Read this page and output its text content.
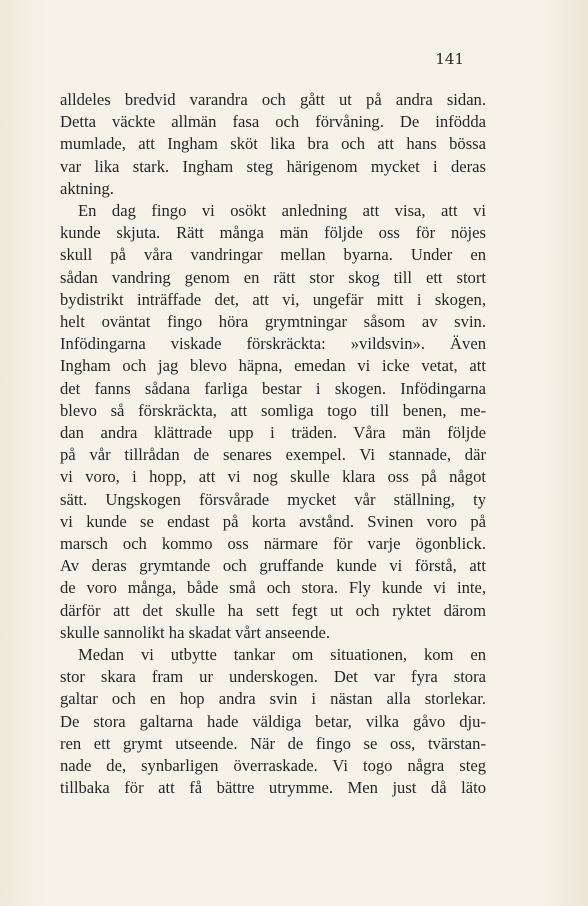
141
alldeles bredvid varandra och gått ut på andra sidan.
Detta väckte allmän fasa och förvåning. De infödda
mumlade, att Ingham sköt lika bra och att hans bössa
var lika stark. Ingham steg härigenom mycket i deras
aktning.
En dag fingo vi osökt anledning att visa, att vi
kunde skjuta. Rätt många män följde oss för nöjes
skull på våra vandringar mellan byarna. Under en
sådan vandring genom en rätt stor skog till ett stort
bydistrikt inträffade det, att vi, ungefär mitt i skogen,
helt oväntat fingo höra grymtningar såsom av svin.
Infödingarna viskade förskräckta: »vildsvin». Även
Ingham och jag blevo häpna, emedan vi icke vetat, att
det fanns sådana farliga bestar i skogen. Infödingarna
blevo så förskräckta, att somliga togo till benen, me-
dan andra klättrade upp i träden. Våra män följde
på vår tillrådan de senares exempel. Vi stannade, där
vi voro, i hopp, att vi nog skulle klara oss på något
sätt. Ungskogen försvårade mycket vår ställning, ty
vi kunde se endast på korta avstånd. Svinen voro på
marsch och kommo oss närmare för varje ögonblick.
Av deras grymtande och gruffande kunde vi förstå, att
de voro många, både små och stora. Fly kunde vi inte,
därför att det skulle ha sett fegt ut och ryktet därom
skulle sannolikt ha skadat vårt anseende.
Medan vi utbytte tankar om situationen, kom en
stor skara fram ur underskogen. Det var fyra stora
galtar och en hop andra svin i nästan alla storlekar.
De stora galtarna hade väldiga betar, vilka gåvo dju-
ren ett grymt utseende. När de fingo se oss, tvärstan-
nade de, synbarligen överraskade. Vi togo några steg
tillbaka för att få bättre utrymme. Men just då läto
